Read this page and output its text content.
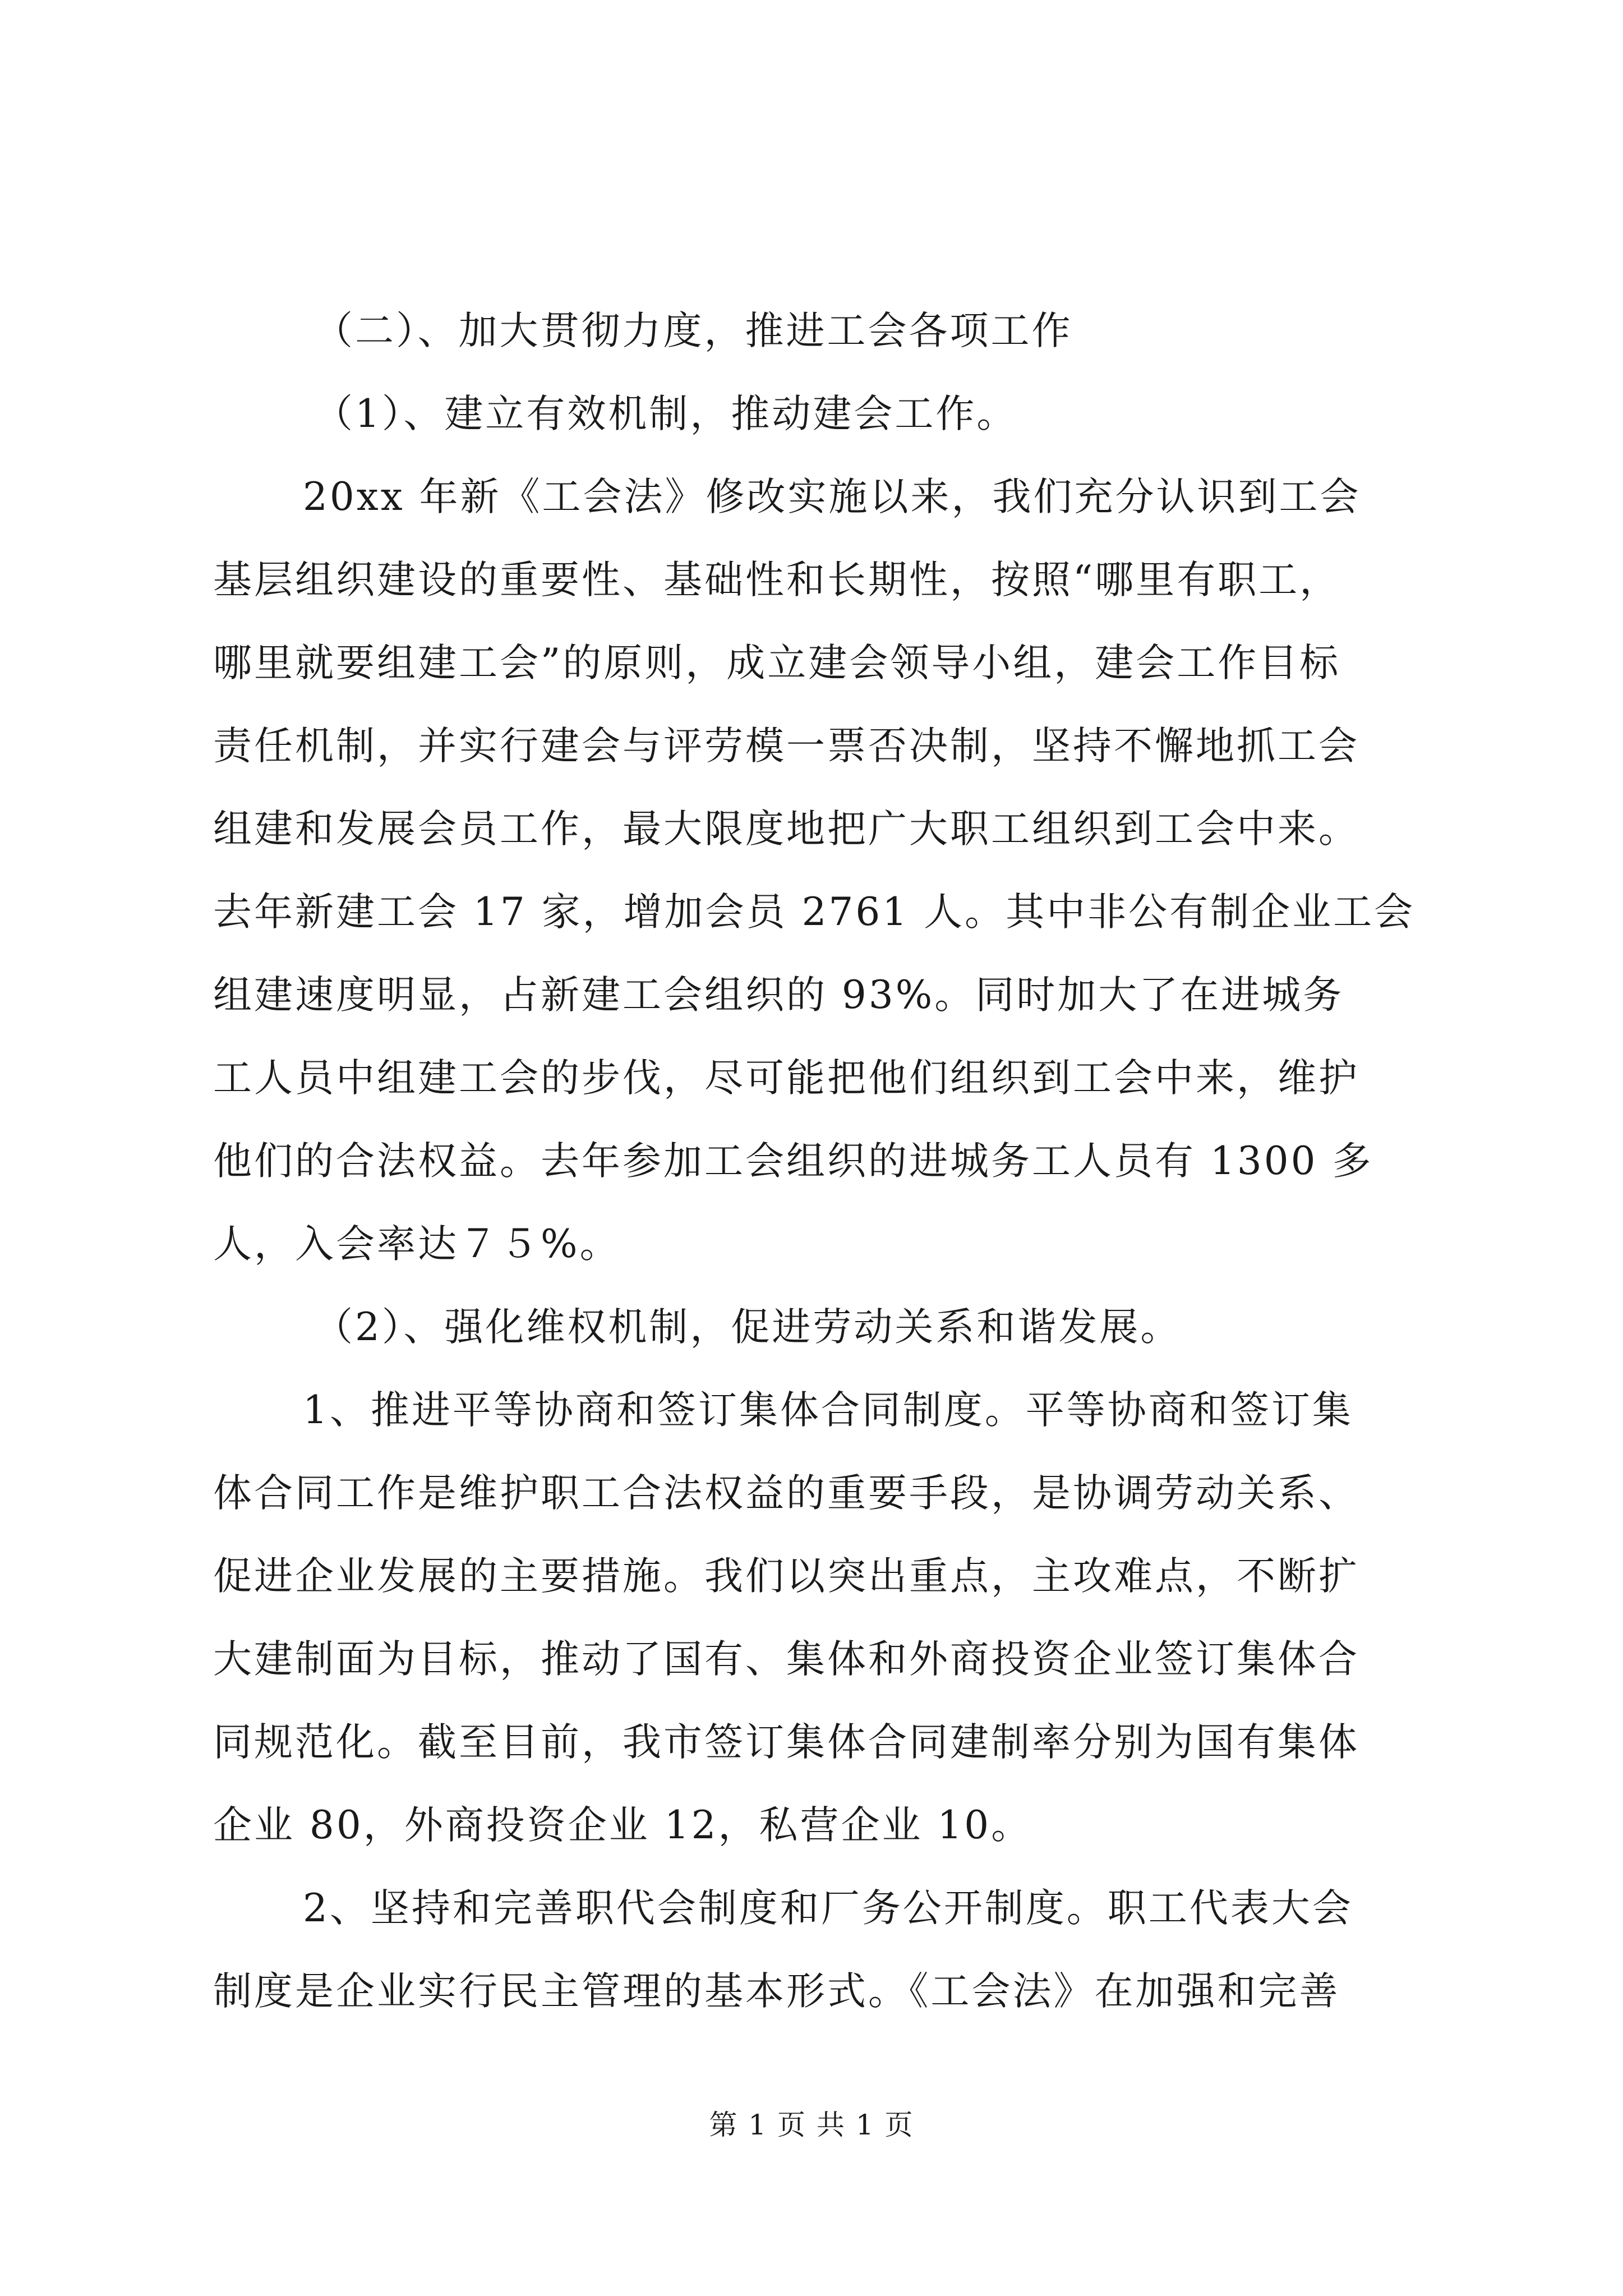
（二）、加大贯彻力度，推进工会各项工作
（1）、建立有效机制，推动建会工作。
20xx 年新《工会法》修改实施以来，我们充分认识到工会
基层组织建设的重要性、基础性和长期性，按照“哪里有职工，
哪里就要组建工会”的原则，成立建会领导小组，建会工作目标
责任机制，并实行建会与评劳模一票否决制，坚持不懈地抓工会
组建和发展会员工作，最大限度地把广大职工组织到工会中来。
去年新建工会 17 家，增加会员 2761 人。其中非公有制企业工会
组建速度明显，占新建工会组织的 93%。同时加大了在进城务
工人员中组建工会的步伐，尽可能把他们组织到工会中来，维护
他们的合法权益。去年参加工会组织的进城务工人员有 1300 多
人，入会率达７５%。
（2）、强化维权机制，促进劳动关系和谐发展。
1、推进平等协商和签订集体合同制度。平等协商和签订集
体合同工作是维护职工合法权益的重要手段，是协调劳动关系、
促进企业发展的主要措施。我们以突出重点，主攻难点，不断扩
大建制面为目标，推动了国有、集体和外商投资企业签订集体合
同规范化。截至目前，我市签订集体合同建制率分别为国有集体
企业 80，外商投资企业 12，私营企业 10。
2、坚持和完善职代会制度和厂务公开制度。职工代表大会
制度是企业实行民主管理的基本形式。《工会法》在加强和完善
第 1 页 共 1 页
